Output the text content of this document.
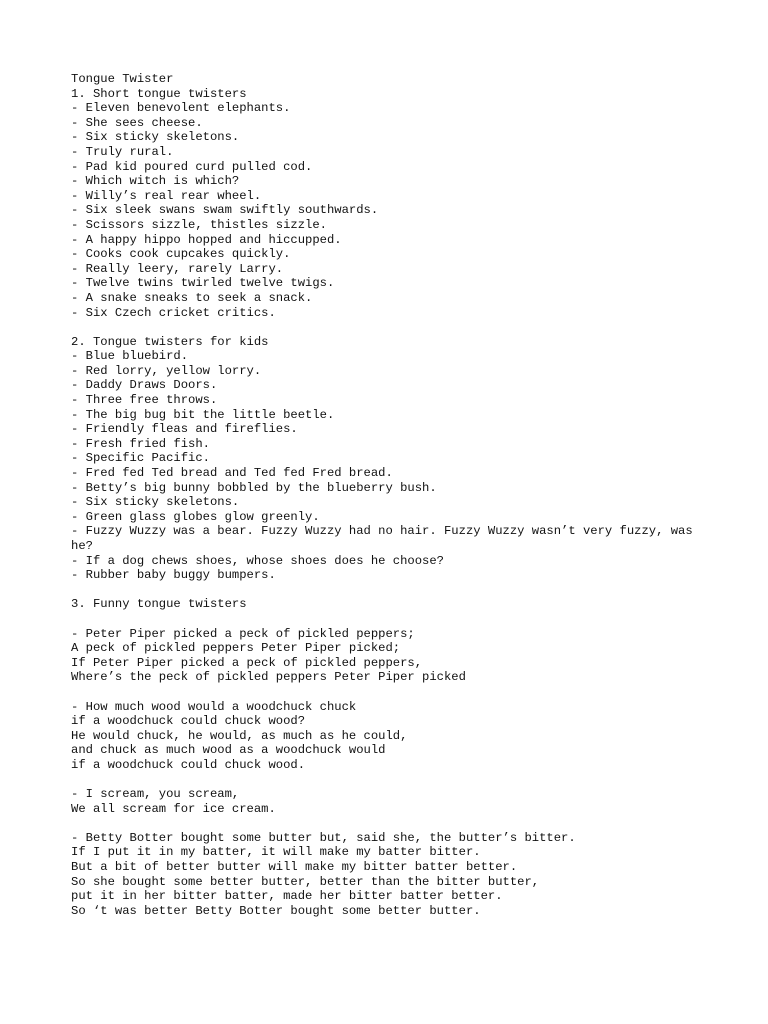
Tongue Twister
1. Short tongue twisters
- Eleven benevolent elephants.
- She sees cheese.
- Six sticky skeletons.
- Truly rural.
- Pad kid poured curd pulled cod.
- Which witch is which?
- Willy’s real rear wheel.
- Six sleek swans swam swiftly southwards.
- Scissors sizzle, thistles sizzle.
- A happy hippo hopped and hiccupped.
- Cooks cook cupcakes quickly.
- Really leery, rarely Larry.
- Twelve twins twirled twelve twigs.
- A snake sneaks to seek a snack.
- Six Czech cricket critics.
2. Tongue twisters for kids
- Blue bluebird.
- Red lorry, yellow lorry.
- Daddy Draws Doors.
- Three free throws.
- The big bug bit the little beetle.
- Friendly fleas and fireflies.
- Fresh fried fish.
- Specific Pacific.
- Fred fed Ted bread and Ted fed Fred bread.
- Betty’s big bunny bobbled by the blueberry bush.
- Six sticky skeletons.
- Green glass globes glow greenly.
- Fuzzy Wuzzy was a bear. Fuzzy Wuzzy had no hair. Fuzzy Wuzzy wasn’t very fuzzy, was he?
- If a dog chews shoes, whose shoes does he choose?
- Rubber baby buggy bumpers.
3. Funny tongue twisters
- Peter Piper picked a peck of pickled peppers;
A peck of pickled peppers Peter Piper picked;
If Peter Piper picked a peck of pickled peppers,
Where’s the peck of pickled peppers Peter Piper picked
- How much wood would a woodchuck chuck
if a woodchuck could chuck wood?
He would chuck, he would, as much as he could,
and chuck as much wood as a woodchuck would
if a woodchuck could chuck wood.
- I scream, you scream,
We all scream for ice cream.
- Betty Botter bought some butter but, said she, the butter’s bitter.
If I put it in my batter, it will make my batter bitter.
But a bit of better butter will make my bitter batter better.
So she bought some better butter, better than the bitter butter,
put it in her bitter batter, made her bitter batter better.
So ‘t was better Betty Botter bought some better butter.
